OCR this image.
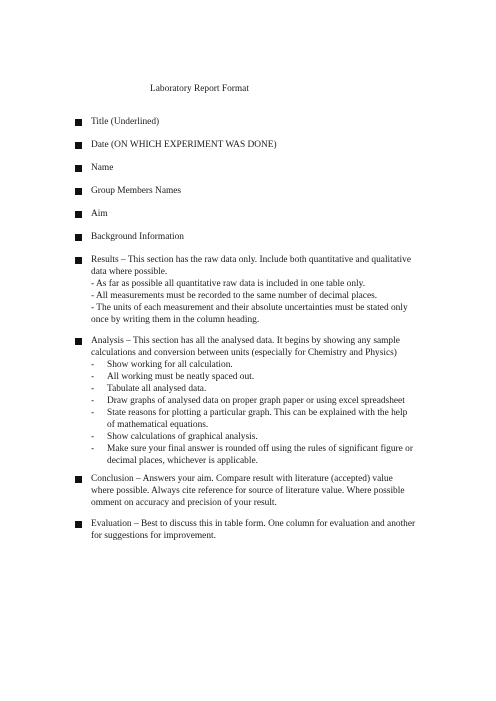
Laboratory Report Format
Title (Underlined)
Date (ON WHICH EXPERIMENT WAS DONE)
Name
Group Members Names
Aim
Background Information
Results – This section has the raw data only. Include both quantitative and qualitative
data where possible.
- As far as possible all quantitative raw data is included in one table only.
- All measurements must be recorded to the same number of decimal places.
- The units of each measurement and their absolute uncertainties must be stated only
once by writing them in the column heading.
Analysis – This section has all the analysed data. It begins by showing any sample
calculations and conversion between units (especially for Chemistry and Physics)
- Show working for all calculation.
- All working must be neatly spaced out.
- Tabulate all analysed data.
- Draw graphs of analysed data on proper graph paper or using excel spreadsheet
- State reasons for plotting a particular graph. This can be explained with the help
of mathematical equations.
- Show calculations of graphical analysis.
- Make sure your final answer is rounded off using the rules of significant figure or
decimal places, whichever is applicable.
Conclusion – Answers your aim. Compare result with literature (accepted) value
where possible. Always cite reference for source of literature value. Where possible
omment on accuracy and precision of your result.
Evaluation – Best to discuss this in table form. One column for evaluation and another
for suggestions for improvement.
